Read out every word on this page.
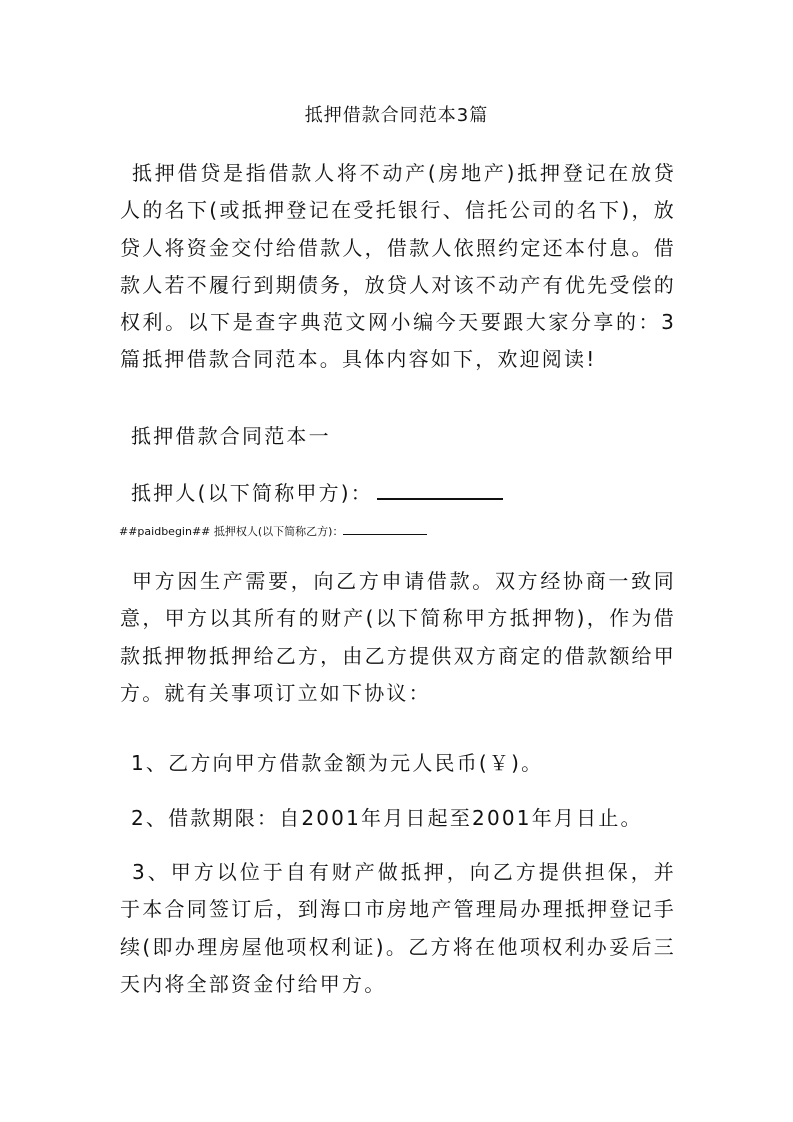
抵押借款合同范本3篇
抵押借贷是指借款人将不动产(房地产)抵押登记在放贷人的名下(或抵押登记在受托银行、信托公司的名下)，放贷人将资金交付给借款人，借款人依照约定还本付息。借款人若不履行到期债务，放贷人对该不动产有优先受偿的权利。以下是查字典范文网小编今天要跟大家分享的：3篇抵押借款合同范本。具体内容如下，欢迎阅读!
抵押借款合同范本一
抵押人(以下简称甲方)：
##paidbegin## 抵押权人(以下简称乙方)：
甲方因生产需要，向乙方申请借款。双方经协商一致同意，甲方以其所有的财产(以下简称甲方抵押物)，作为借款抵押物抵押给乙方，由乙方提供双方商定的借款额给甲方。就有关事项订立如下协议：
1、乙方向甲方借款金额为元人民币(￥)。
2、借款期限：自2001年月日起至2001年月日止。
3、甲方以位于自有财产做抵押，向乙方提供担保，并于本合同签订后，到海口市房地产管理局办理抵押登记手续(即办理房屋他项权利证)。乙方将在他项权利办妥后三天内将全部资金付给甲方。
